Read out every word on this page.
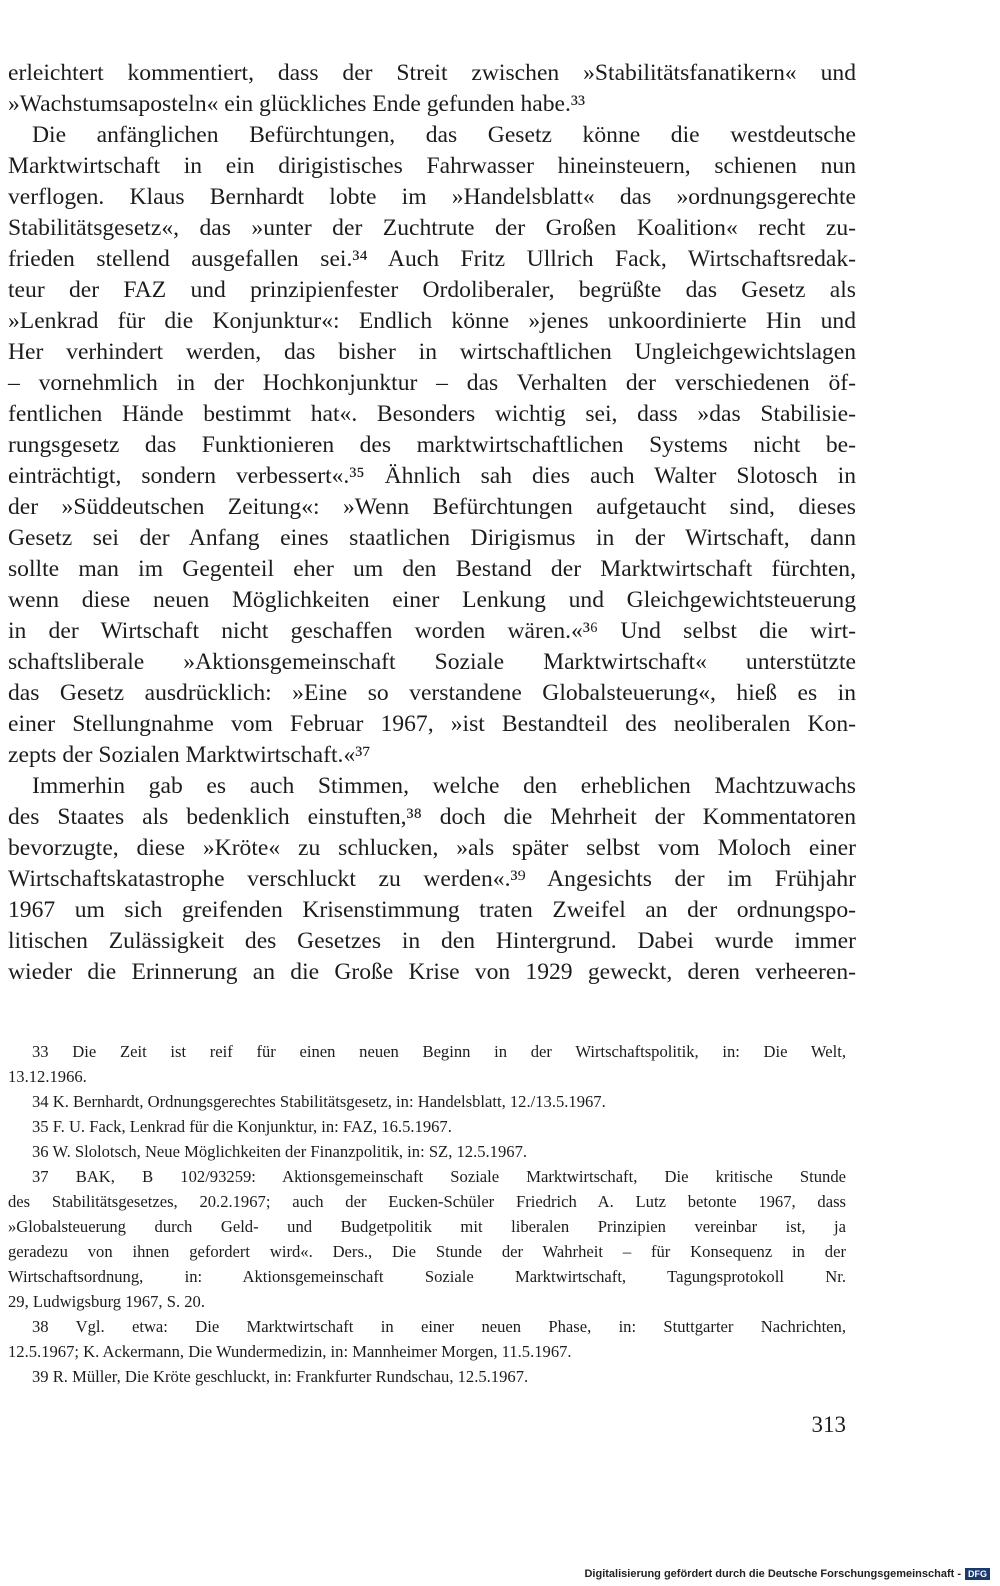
erleichtert kommentiert, dass der Streit zwischen »Stabilitätsfanatikern« und
»Wachstumsaposteln« ein glückliches Ende gefunden habe.³³
Die anfänglichen Befürchtungen, das Gesetz könne die westdeutsche
Marktwirtschaft in ein dirigistisches Fahrwasser hineinsteuern, schienen nun
verflogen. Klaus Bernhardt lobte im »Handelsblatt« das »ordnungsgerechte
Stabilitätsgesetz«, das »unter der Zuchtrute der Großen Koalition« recht zu-
frieden stellend ausgefallen sei.³⁴ Auch Fritz Ullrich Fack, Wirtschaftsredak-
teur der FAZ und prinzipienfester Ordoliberaler, begrüßte das Gesetz als
»Lenkrad für die Konjunktur«: Endlich könne »jenes unkoordinierte Hin und
Her verhindert werden, das bisher in wirtschaftlichen Ungleichgewichtslagen
– vornehmlich in der Hochkonjunktur – das Verhalten der verschiedenen öf-
fentlichen Hände bestimmt hat«. Besonders wichtig sei, dass »das Stabilisie-
rungsgesetz das Funktionieren des marktwirtschaftlichen Systems nicht be-
einträchtigt, sondern verbessert«.³⁵ Ähnlich sah dies auch Walter Slotosch in
der »Süddeutschen Zeitung«: »Wenn Befürchtungen aufgetaucht sind, dieses
Gesetz sei der Anfang eines staatlichen Dirigismus in der Wirtschaft, dann
sollte man im Gegenteil eher um den Bestand der Marktwirtschaft fürchten,
wenn diese neuen Möglichkeiten einer Lenkung und Gleichgewichtsteuerung
in der Wirtschaft nicht geschaffen worden wären.«³⁶ Und selbst die wirt-
schaftsliberale »Aktionsgemeinschaft Soziale Marktwirtschaft« unterstützte
das Gesetz ausdrücklich: »Eine so verstandene Globalsteuerung«, hieß es in
einer Stellungnahme vom Februar 1967, »ist Bestandteil des neoliberalen Kon-
zepts der Sozialen Marktwirtschaft.«³⁷
Immerhin gab es auch Stimmen, welche den erheblichen Machtzuwachs
des Staates als bedenklich einstuften,³⁸ doch die Mehrheit der Kommentatoren
bevorzugte, diese »Kröte« zu schlucken, »als später selbst vom Moloch einer
Wirtschaftskatastrophe verschluckt zu werden«.³⁹ Angesichts der im Frühjahr
1967 um sich greifenden Krisenstimmung traten Zweifel an der ordnungspo-
litischen Zulässigkeit des Gesetzes in den Hintergrund. Dabei wurde immer
wieder die Erinnerung an die Große Krise von 1929 geweckt, deren verheeren-
33 Die Zeit ist reif für einen neuen Beginn in der Wirtschaftspolitik, in: Die Welt,
13.12.1966.
34 K. Bernhardt, Ordnungsgerechtes Stabilitätsgesetz, in: Handelsblatt, 12./13.5.1967.
35 F. U. Fack, Lenkrad für die Konjunktur, in: FAZ, 16.5.1967.
36 W. Slolotsch, Neue Möglichkeiten der Finanzpolitik, in: SZ, 12.5.1967.
37 BAK, B 102/93259: Aktionsgemeinschaft Soziale Marktwirtschaft, Die kritische Stunde
des Stabilitätsgesetzes, 20.2.1967; auch der Eucken-Schüler Friedrich A. Lutz betonte 1967, dass
»Globalsteuerung durch Geld- und Budgetpolitik mit liberalen Prinzipien vereinbar ist, ja
geradezu von ihnen gefordert wird«. Ders., Die Stunde der Wahrheit – für Konsequenz in der
Wirtschaftsordnung, in: Aktionsgemeinschaft Soziale Marktwirtschaft, Tagungsprotokoll Nr.
29, Ludwigsburg 1967, S. 20.
38 Vgl. etwa: Die Marktwirtschaft in einer neuen Phase, in: Stuttgarter Nachrichten,
12.5.1967; K. Ackermann, Die Wundermedizin, in: Mannheimer Morgen, 11.5.1967.
39 R. Müller, Die Kröte geschluckt, in: Frankfurter Rundschau, 12.5.1967.
313
Digitalisierung gefördert durch die Deutsche Forschungsgemeinschaft - DFG
